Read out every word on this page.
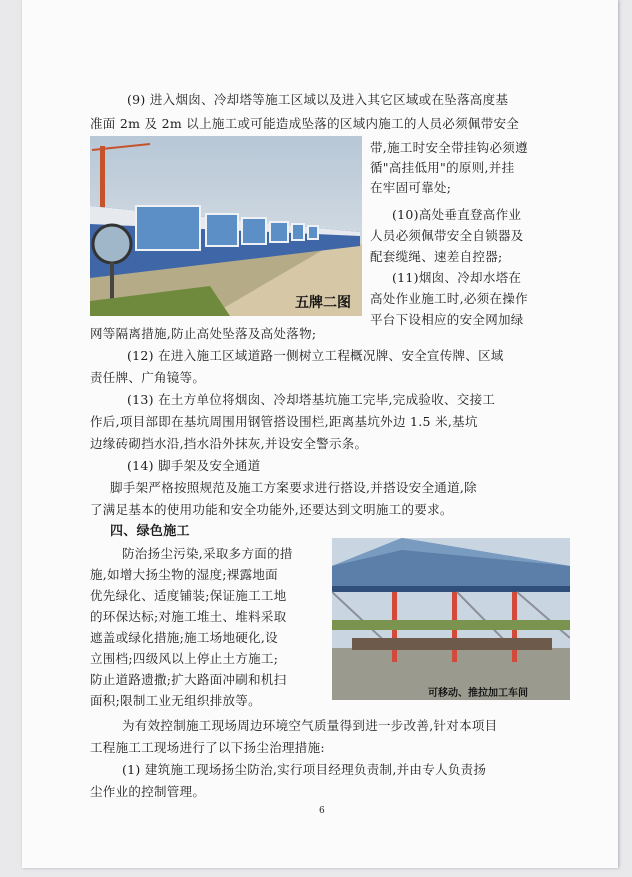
(9) 进入烟囱、冷却塔等施工区域以及进入其它区域或在坠落高度基
准面 2m 及 2m 以上施工或可能造成坠落的区域内施工的人员必须佩带安全
五牌二图
带,施工时安全带挂钩必须遵
循"高挂低用"的原则,并挂
在牢固可靠处;
(10)高处垂直登高作业
人员必须佩带安全自锁器及
配套缆绳、速差自控器;
(11)烟囱、冷却水塔在
高处作业施工时,必须在操作
平台下设相应的安全网加绿
网等隔离措施,防止高处坠落及高处落物;
(12) 在进入施工区域道路一侧树立工程概况牌、安全宣传牌、区域
责任牌、广角镜等。
(13) 在土方单位将烟囱、冷却塔基坑施工完毕,完成验收、交接工
作后,项目部即在基坑周围用钢管搭设围栏,距离基坑外边 1.5 米,基坑
边缘砖砌挡水沿,挡水沿外抹灰,并设安全警示条。
(14) 脚手架及安全通道
脚手架严格按照规范及施工方案要求进行搭设,并搭设安全通道,除
了满足基本的使用功能和安全功能外,还要达到文明施工的要求。
四、绿色施工
防治扬尘污染,采取多方面的措
施,如增大扬尘物的湿度;裸露地面
优先绿化、适度铺装;保证施工工地
的环保达标;对施工堆土、堆料采取
遮盖或绿化措施;施工场地硬化,设
立围档;四级风以上停止土方施工;
防止道路遗撒;扩大路面冲刷和机扫
面积;限制工业无组织排放等。	可移动、推拉加工车间
为有效控制施工现场周边环境空气质量得到进一步改善,针对本项目
工程施工工现场进行了以下扬尘治理措施:
(1) 建筑施工现场扬尘防治,实行项目经理负责制,并由专人负责扬
尘作业的控制管理。
6
